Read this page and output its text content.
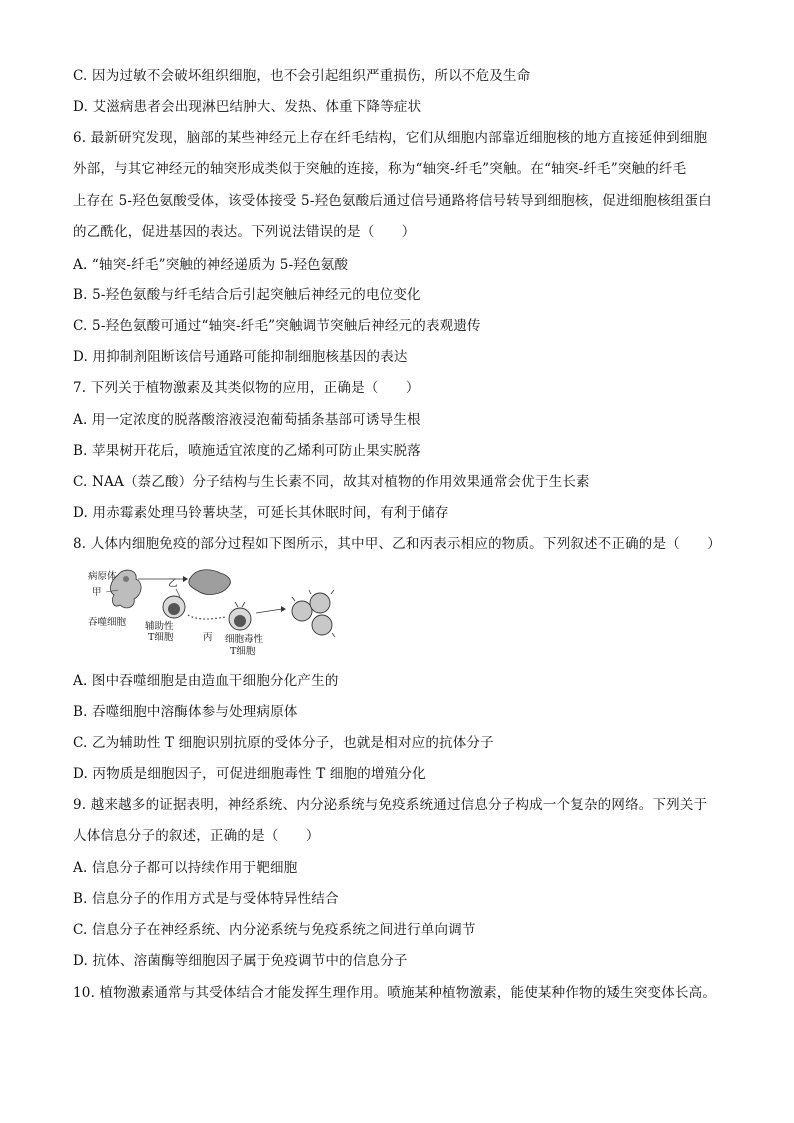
C. 因为过敏不会破坏组织细胞，也不会引起组织严重损伤，所以不危及生命
D. 艾滋病患者会出现淋巴结肿大、发热、体重下降等症状
6. 最新研究发现，脑部的某些神经元上存在纤毛结构，它们从细胞内部靠近细胞核的地方直接延伸到细胞
外部，与其它神经元的轴突形成类似于突触的连接，称为“轴突-纤毛”突触。在“轴突-纤毛”突触的纤毛
上存在 5-羟色氨酸受体，该受体接受 5-羟色氨酸后通过信号通路将信号转导到细胞核，促进细胞核组蛋白
的乙酰化，促进基因的表达。下列说法错误的是（　　）
A. “轴突-纤毛”突触的神经递质为 5-羟色氨酸
B. 5-羟色氨酸与纤毛结合后引起突触后神经元的电位变化
C. 5-羟色氨酸可通过“轴突-纤毛”突触调节突触后神经元的表观遗传
D. 用抑制剂阻断该信号通路可能抑制细胞核基因的表达
7. 下列关于植物激素及其类似物的应用，正确是（　　）
A. 用一定浓度的脱落酸溶液浸泡葡萄插条基部可诱导生根
B. 苹果树开花后，喷施适宜浓度的乙烯利可防止果实脱落
C. NAA（萘乙酸）分子结构与生长素不同，故其对植物的作用效果通常会优于生长素
D. 用赤霉素处理马铃薯块茎，可延长其休眠时间，有利于储存
8. 人体内细胞免疫的部分过程如下图所示，其中甲、乙和丙表示相应的物质。下列叙述不正确的是（　　）
病原体
甲
乙
吞噬细胞 辅助性
T细胞	丙 细胞毒性
T细胞
A. 图中吞噬细胞是由造血干细胞分化产生的
B. 吞噬细胞中溶酶体参与处理病原体
C. 乙为辅助性 T 细胞识别抗原的受体分子，也就是相对应的抗体分子
D. 丙物质是细胞因子，可促进细胞毒性 T 细胞的增殖分化
9. 越来越多的证据表明，神经系统、内分泌系统与免疫系统通过信息分子构成一个复杂的网络。下列关于
人体信息分子的叙述，正确的是（　　）
A. 信息分子都可以持续作用于靶细胞
B. 信息分子的作用方式是与受体特异性结合
C. 信息分子在神经系统、内分泌系统与免疫系统之间进行单向调节
D. 抗体、溶菌酶等细胞因子属于免疫调节中的信息分子
10. 植物激素通常与其受体结合才能发挥生理作用。喷施某种植物激素，能使某种作物的矮生突变体长高。
